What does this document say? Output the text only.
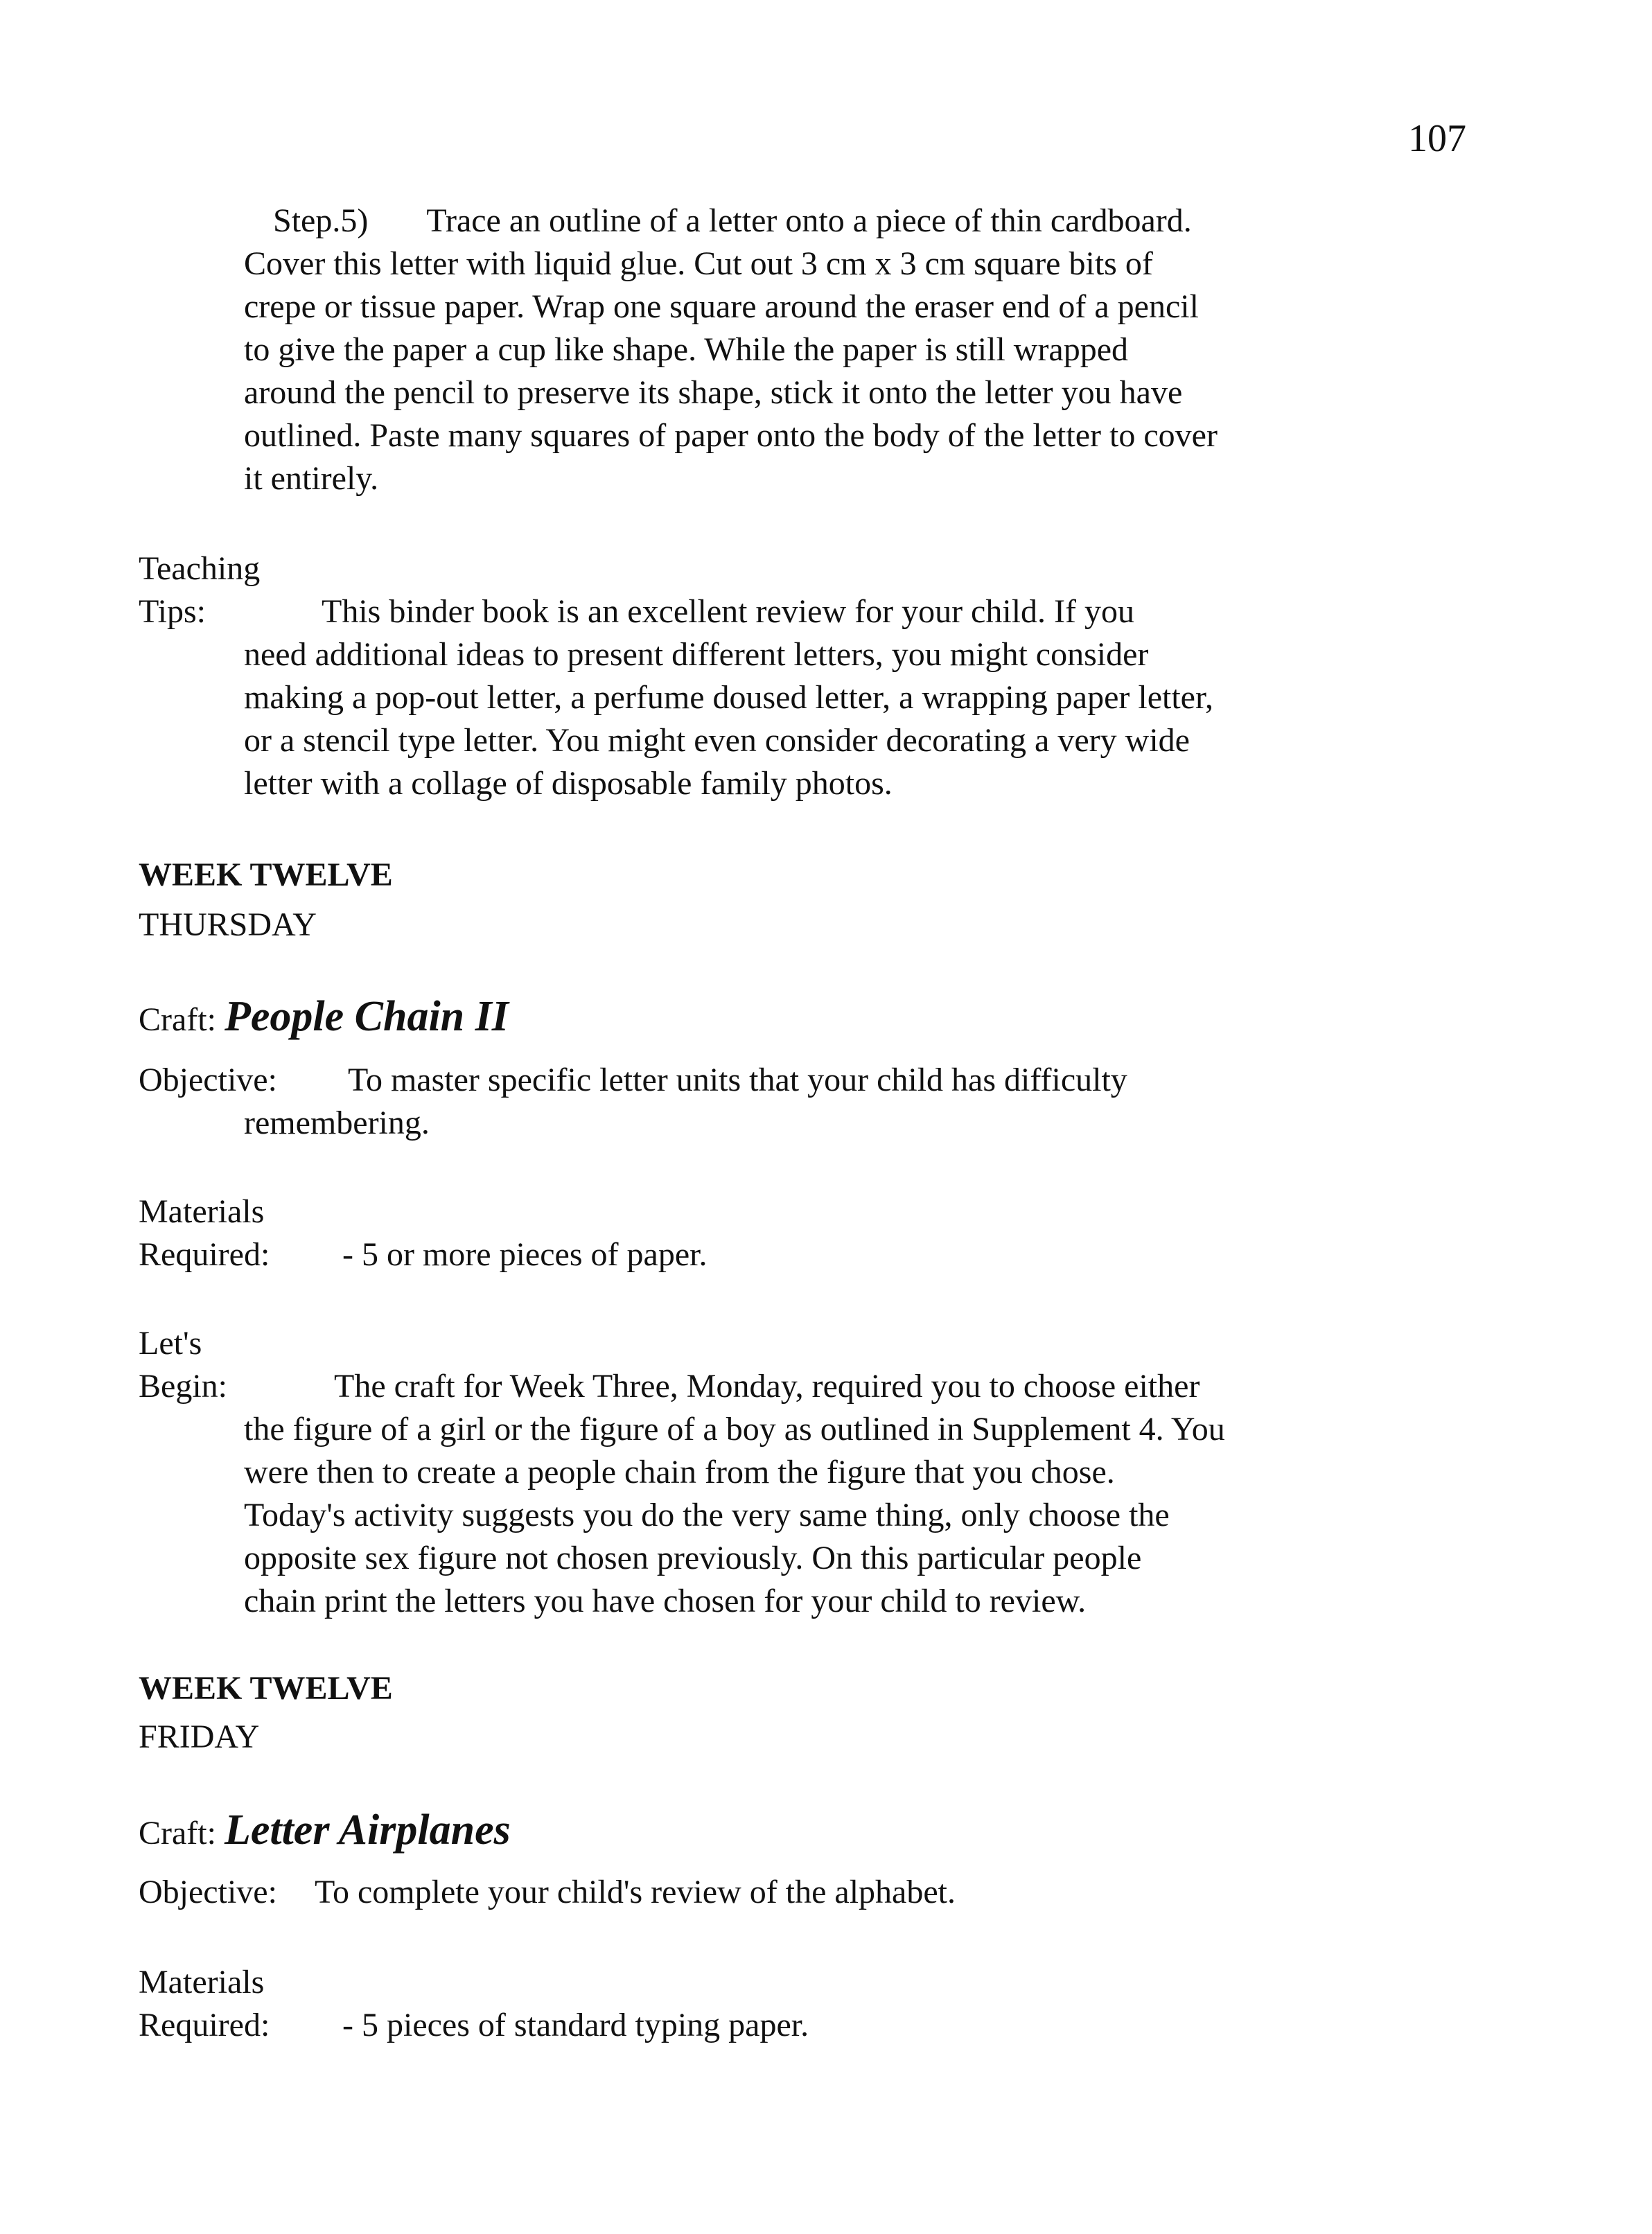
107
Step.5)       Trace an outline of a letter onto a piece of thin cardboard.
Cover this letter with liquid glue. Cut out 3 cm x 3 cm square bits of
crepe or tissue paper. Wrap one square around the eraser end of a pencil
to give the paper a cup like shape. While the paper is still wrapped
around the pencil to preserve its shape, stick it onto the letter you have
outlined. Paste many squares of paper onto the body of the letter to cover
it entirely.
Teaching
Tips:	This binder book is an excellent review for your child. If you
need additional ideas to present different letters, you might consider
making a pop-out letter, a perfume doused letter, a wrapping paper letter,
or a stencil type letter. You might even consider decorating a very wide
letter with a collage of disposable family photos.
WEEK TWELVE
THURSDAY
Craft: People Chain II
Objective: To master specific letter units that your child has difficulty
remembering.
Materials
Required: - 5 or more pieces of paper.
Let's
Begin:	The craft for Week Three, Monday, required you to choose either
the figure of a girl or the figure of a boy as outlined in Supplement 4. You
were then to create a people chain from the figure that you chose.
Today's activity suggests you do the very same thing, only choose the
opposite sex figure not chosen previously. On this particular people
chain print the letters you have chosen for your child to review.
WEEK TWELVE
FRIDAY
Craft: Letter Airplanes
Objective: To complete your child's review of the alphabet.
Materials
Required: - 5 pieces of standard typing paper.
